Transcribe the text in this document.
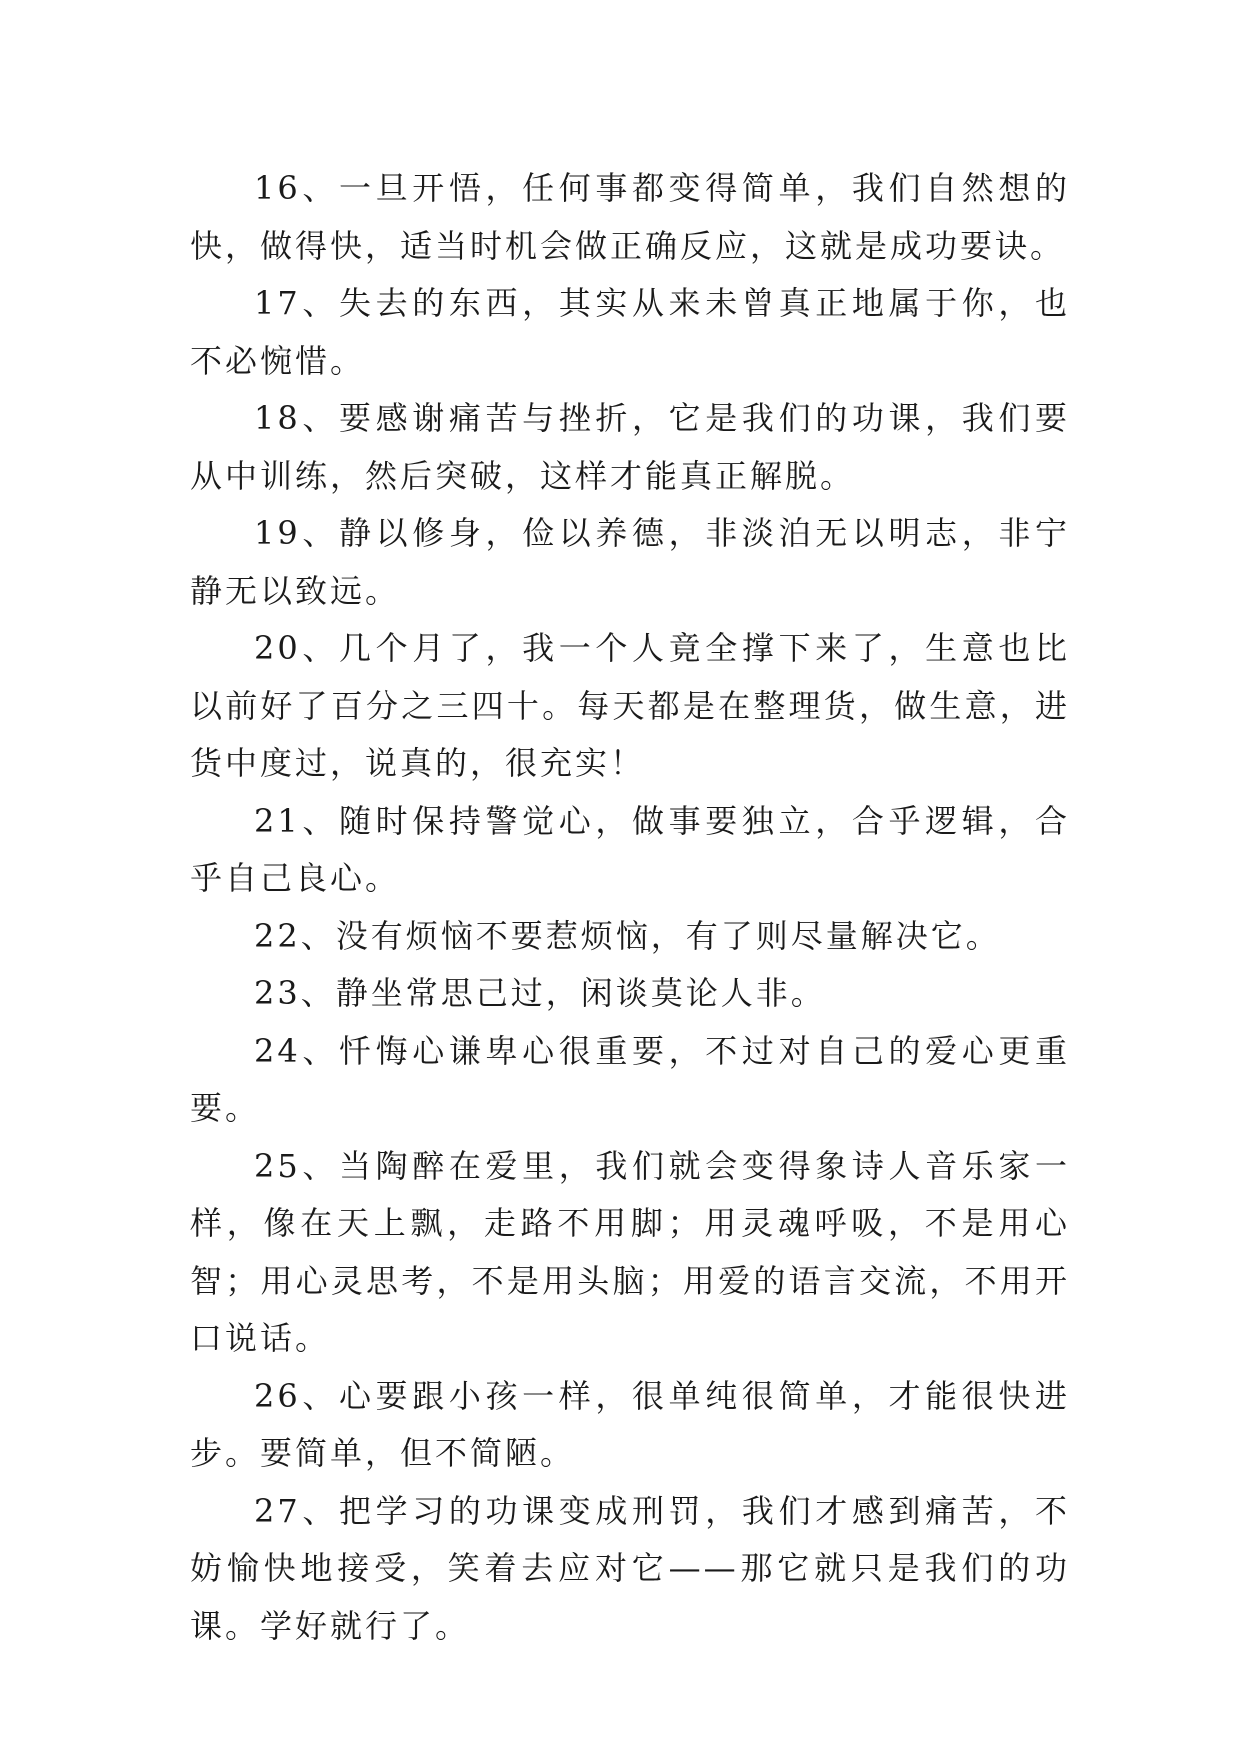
16、一旦开悟，任何事都变得简单，我们自然想的快，做得快，适当时机会做正确反应，这就是成功要诀。

17、失去的东西，其实从来未曾真正地属于你，也不必惋惜。

18、要感谢痛苦与挫折，它是我们的功课，我们要从中训练，然后突破，这样才能真正解脱。

19、静以修身，俭以养德，非淡泊无以明志，非宁静无以致远。

20、几个月了，我一个人竟全撑下来了，生意也比以前好了百分之三四十。每天都是在整理货，做生意，进货中度过，说真的，很充实！

21、随时保持警觉心，做事要独立，合乎逻辑，合乎自己良心。

22、没有烦恼不要惹烦恼，有了则尽量解决它。

23、静坐常思己过，闲谈莫论人非。

24、忏悔心谦卑心很重要，不过对自己的爱心更重要。

25、当陶醉在爱里，我们就会变得象诗人音乐家一样，像在天上飘，走路不用脚；用灵魂呼吸，不是用心智；用心灵思考，不是用头脑；用爱的语言交流，不用开口说话。

26、心要跟小孩一样，很单纯很简单，才能很快进步。要简单，但不简陋。

27、把学习的功课变成刑罚，我们才感到痛苦，不妨愉快地接受，笑着去应对它——那它就只是我们的功课。学好就行了。
